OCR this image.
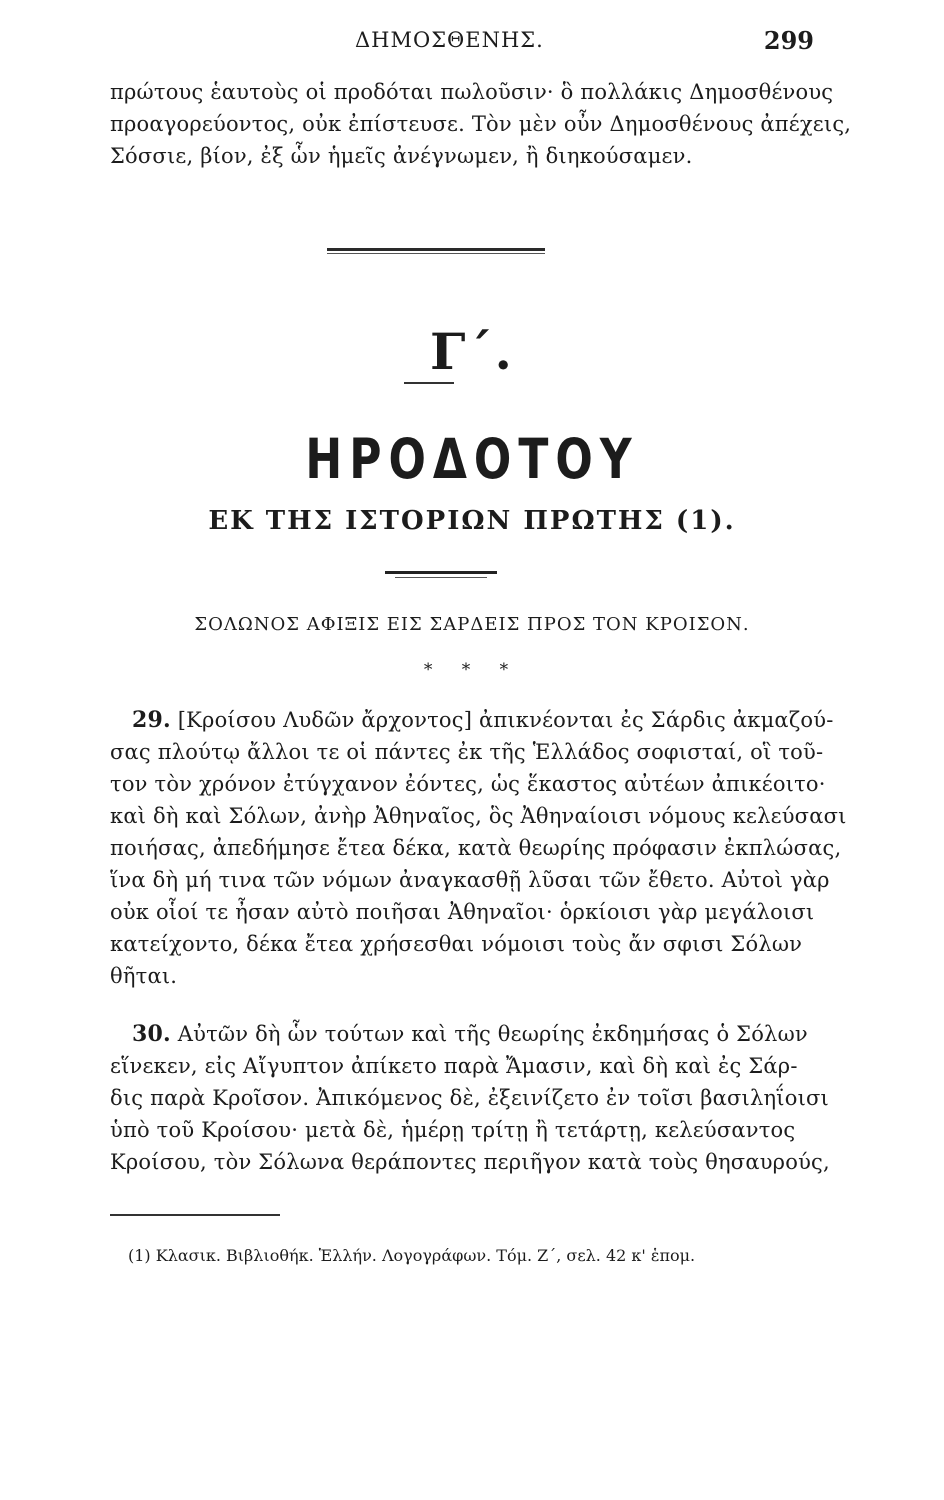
ΔΗΜΟΣΘΕΝΗΣ.	299
πρώτους ἑαυτοὺς οἱ προδόται πωλοῦσιν· ὃ πολλάκις Δημοσθένους
προαγορεύοντος, οὐκ ἐπίστευσε. Τὸν μὲν οὖν Δημοσθένους ἀπέχεις,
Σόσσιε, βίον, ἐξ ὧν ἡμεῖς ἀνέγνωμεν, ἢ διηκούσαμεν.
Γ΄.
ΗΡΟΔΟΤΟΥ
ΕΚ ΤΗΣ ΙΣΤΟΡΙΩΝ ΠΡΩΤΗΣ (1).
ΣΟΛΩΝΟΣ ΑΦΙΞΙΣ ΕΙΣ ΣΑΡΔΕΙΣ ΠΡΟΣ ΤΟΝ ΚΡΟΙΣΟΝ.
* * *
29. [Κροίσου Λυδῶν ἄρχοντος] ἀπικνέονται ἐς Σάρδις ἀκμαζού-
σας πλούτῳ ἄλλοι τε οἱ πάντες ἐκ τῆς Ἑλλάδος σοφισταί, οἳ τοῦ-
τον τὸν χρόνον ἐτύγχανον ἐόντες, ὡς ἕκαστος αὐτέων ἀπικέοιτο·
καὶ δὴ καὶ Σόλων, ἀνὴρ Ἀθηναῖος, ὃς Ἀθηναίοισι νόμους κελεύσασι
ποιήσας, ἀπεδήμησε ἔτεα δέκα, κατὰ θεωρίης πρόφασιν ἐκπλώσας,
ἵνα δὴ μή τινα τῶν νόμων ἀναγκασθῇ λῦσαι τῶν ἔθετο. Αὐτοὶ γὰρ
οὐκ οἷοί τε ἦσαν αὐτὸ ποιῆσαι Ἀθηναῖοι· ὁρκίοισι γὰρ μεγάλοισι
κατείχοντο, δέκα ἔτεα χρήσεσθαι νόμοισι τοὺς ἄν σφισι Σόλων
θῆται.
30. Αὐτῶν δὴ ὧν τούτων καὶ τῆς θεωρίης ἐκδημήσας ὁ Σόλων
εἵνεκεν, εἰς Αἴγυπτον ἀπίκετο παρὰ Ἄμασιν, καὶ δὴ καὶ ἐς Σάρ-
δις παρὰ Κροῖσον. Ἀπικόμενος δὲ, ἐξεινίζετο ἐν τοῖσι βασιληΐοισι
ὑπὸ τοῦ Κροίσου· μετὰ δὲ, ἡμέρῃ τρίτῃ ἢ τετάρτῃ, κελεύσαντος
Κροίσου, τὸν Σόλωνα θεράποντες περιῆγον κατὰ τοὺς θησαυρούς,
(1) Κλασικ. Βιβλιοθήκ. Ἑλλήν. Λογογράφων. Τόμ. Ζ΄, σελ. 42 κ' ἑπομ.
